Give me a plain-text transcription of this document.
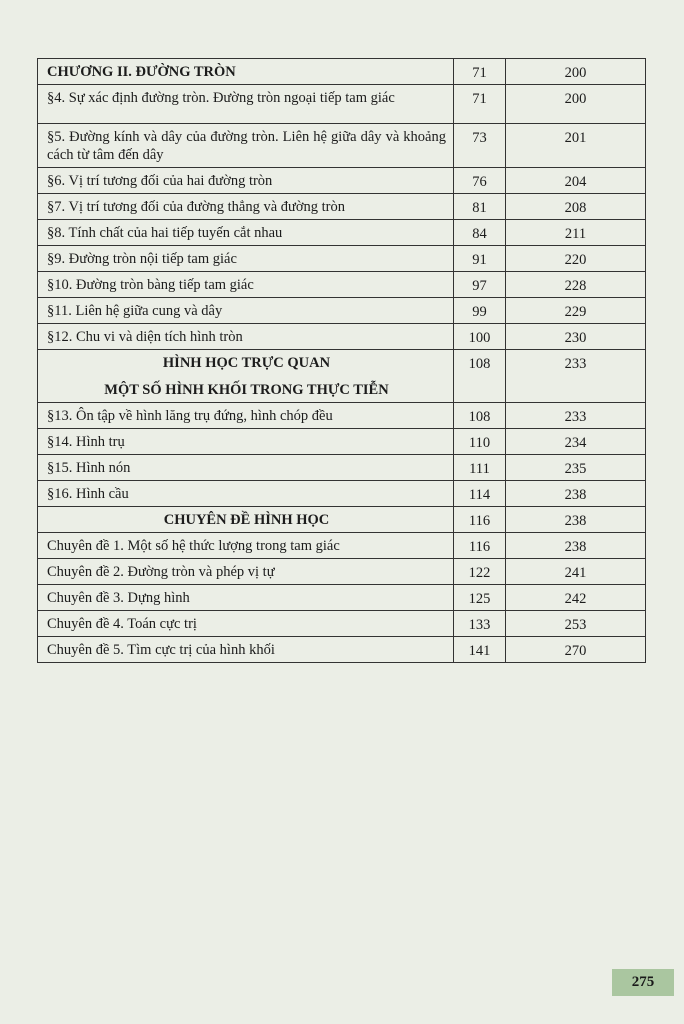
CHƯƠNG II. ĐƯỜNG TRÒN	71	200
§4. Sự xác định đường tròn. Đường tròn ngoại tiếp tam giác	71	200
§5. Đường kính và dây của đường tròn. Liên hệ giữa dây và khoảng cách từ tâm đến dây	73	201
§6. Vị trí tương đối của hai đường tròn	76	204
§7. Vị trí tương đối của đường thẳng và đường tròn	81	208
§8. Tính chất của hai tiếp tuyến cắt nhau	84	211
§9. Đường tròn nội tiếp tam giác	91	220
§10. Đường tròn bàng tiếp tam giác	97	228
§11. Liên hệ giữa cung và dây	99	229
§12. Chu vi và diện tích hình tròn	100	230

HÌNH HỌC TRỰC QUAN
MỘT SỐ HÌNH KHỐI TRONG THỰC TIỄN	108	233
§13. Ôn tập về hình lăng trụ đứng, hình chóp đều	108	233
§14. Hình trụ	110	234
§15. Hình nón	111	235
§16. Hình cầu	114	238
CHUYÊN ĐỀ HÌNH HỌC	116	238
Chuyên đề 1. Một số hệ thức lượng trong tam giác	116	238
Chuyên đề 2. Đường tròn và phép vị tự	122	241
Chuyên đề 3. Dựng hình	125	242
Chuyên đề 4. Toán cực trị	133	253
Chuyên đề 5. Tìm cực trị của hình khối	141	270
275
